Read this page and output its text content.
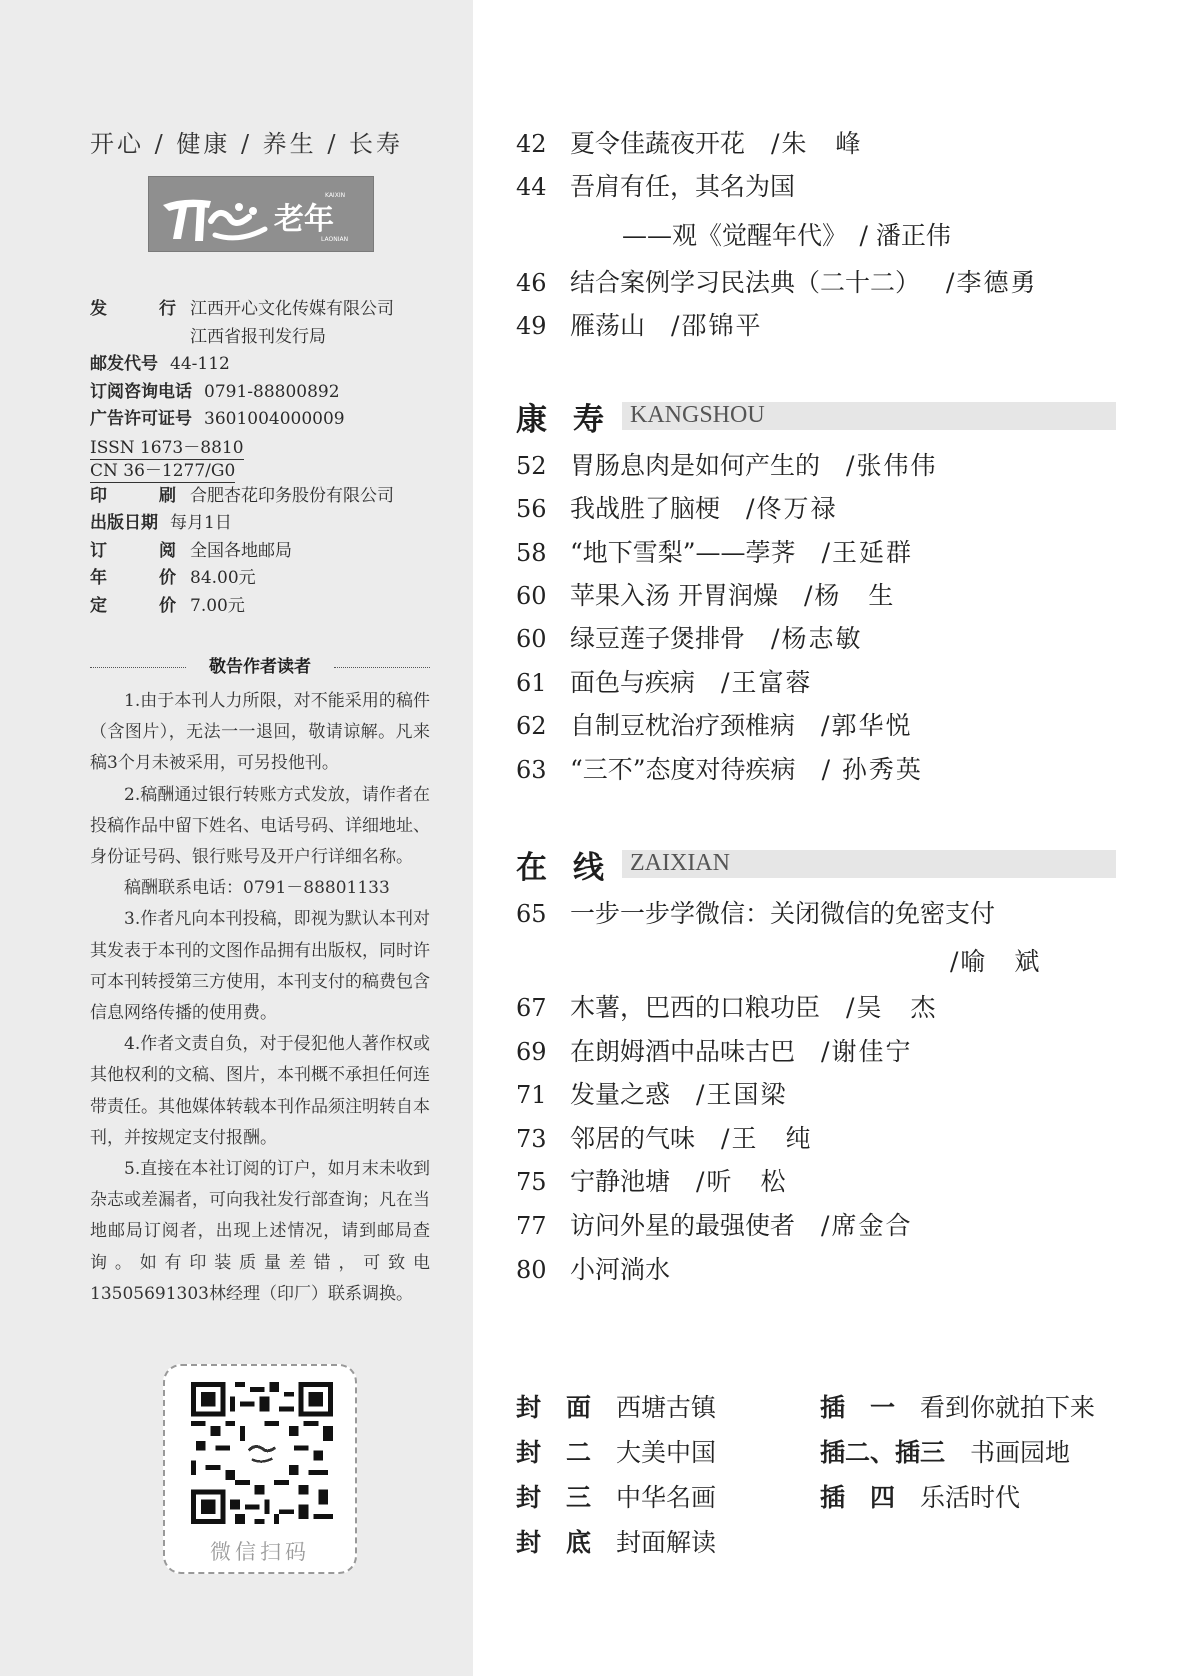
开心 / 健康 / 养生 / 长寿
老年
KAIXIN
LAONIAN
发	行 江西开心文化传媒有限公司
江西省报刊发行局
邮发代号 44-112
订阅咨询电话 0791-88800892
广告许可证号 3601004000009
ISSN 1673－8810
CN 36－1277/G0
印	刷 合肥杏花印务股份有限公司
出版日期 每月1日
订	阅 全国各地邮局
年	价 84.00元
定	价 7.00元
敬告作者读者

1.由于本刊人力所限，对不能采用的稿件（含图片），无法一一退回，敬请谅解。凡来稿3个月未被采用，可另投他刊。

2.稿酬通过银行转账方式发放，请作者在投稿作品中留下姓名、电话号码、详细地址、身份证号码、银行账号及开户行详细名称。

稿酬联系电话：0791－88801133

3.作者凡向本刊投稿，即视为默认本刊对其发表于本刊的文图作品拥有出版权，同时许可本刊转授第三方使用，本刊支付的稿费包含信息网络传播的使用费。

4.作者文责自负，对于侵犯他人著作权或其他权利的文稿、图片，本刊概不承担任何连带责任。其他媒体转载本刊作品须注明转自本刊，并按规定支付报酬。

5.直接在本社订阅的订户，如月末未收到杂志或差漏者，可向我社发行部查询；凡在当地邮局订阅者，出现上述情况，请到邮局查询。如有印装质量差错，可致电13505691303林经理（印厂）联系调换。

微信扫码
42 夏令佳蔬夜开花 /朱　峰
44 吾肩有任，其名为国
——观《觉醒年代》　/ 潘正伟
46 结合案例学习民法典（二十二） /李德勇
49 雁荡山 /邵锦平
52 胃肠息肉是如何产生的 /张伟伟
56 我战胜了脑梗 /佟万禄
58 “地下雪梨”——荸荠 /王延群
60 苹果入汤 开胃润燥 /杨　生
60 绿豆莲子煲排骨 /杨志敏
61 面色与疾病 /王富蓉
62 自制豆枕治疗颈椎病 /郭华悦
63 “三不”态度对待疾病 / 孙秀英
65 一步一步学微信：关闭微信的免密支付
/喻　斌
67 木薯，巴西的口粮功臣 /吴　杰
69 在朗姆酒中品味古巴 /谢佳宁
71 发量之惑 /王国梁
73 邻居的气味 /王　纯
75 宁静池塘 /听　松
77 访问外星的最强使者 /席金合
80 小河淌水
康寿 KANGSHOU
在线 ZAIXIAN
封　面　 西塘古镇	插　一　 看到你就拍下来
封　二　 大美中国	插二、插三　 书画园地
封　三　 中华名画	插　四　 乐活时代
封　底　 封面解读
